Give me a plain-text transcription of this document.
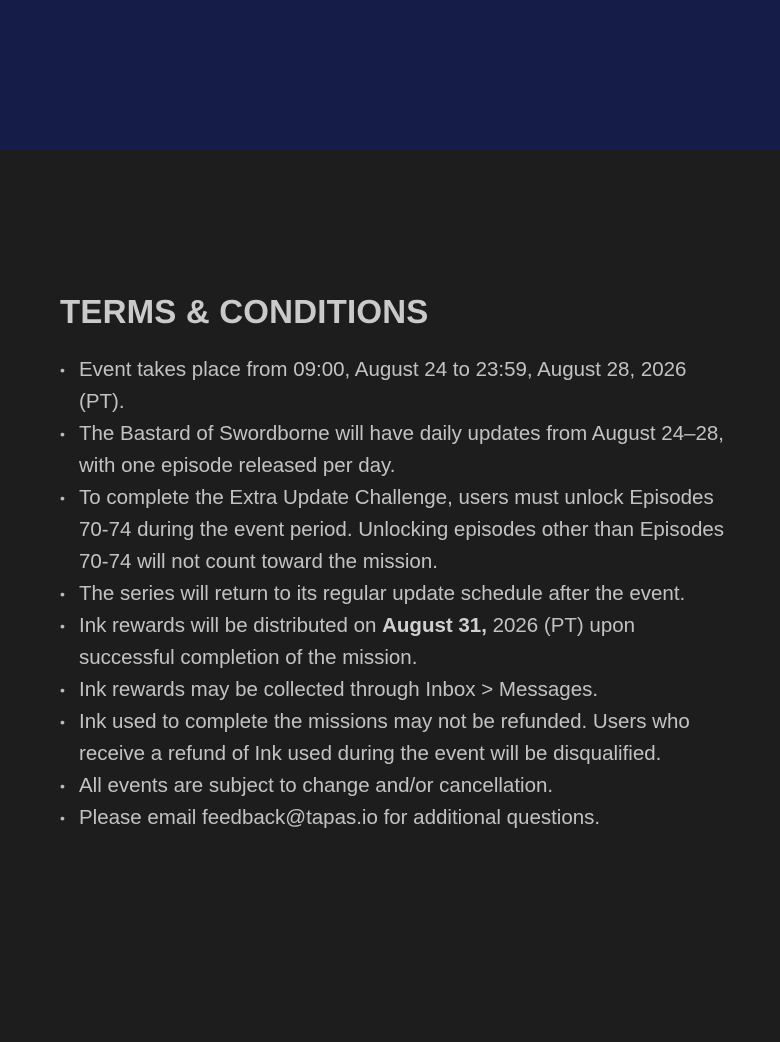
TERMS & CONDITIONS
• Event takes place from 09:00, August 24 to 23:59, August 28, 2026 (PT).
• The Bastard of Swordborne will have daily updates from August 24–28, with one episode released per day.
• To complete the Extra Update Challenge, users must unlock Episodes 70-74 during the event period. Unlocking episodes other than Episodes 70-74 will not count toward the mission.
• The series will return to its regular update schedule after the event.
• Ink rewards will be distributed on August 31, 2026 (PT) upon successful completion of the mission.
• Ink rewards may be collected through Inbox > Messages.
• Ink used to complete the missions may not be refunded. Users who receive a refund of Ink used during the event will be disqualified.
• All events are subject to change and/or cancellation.
• Please email feedback@tapas.io for additional questions.
